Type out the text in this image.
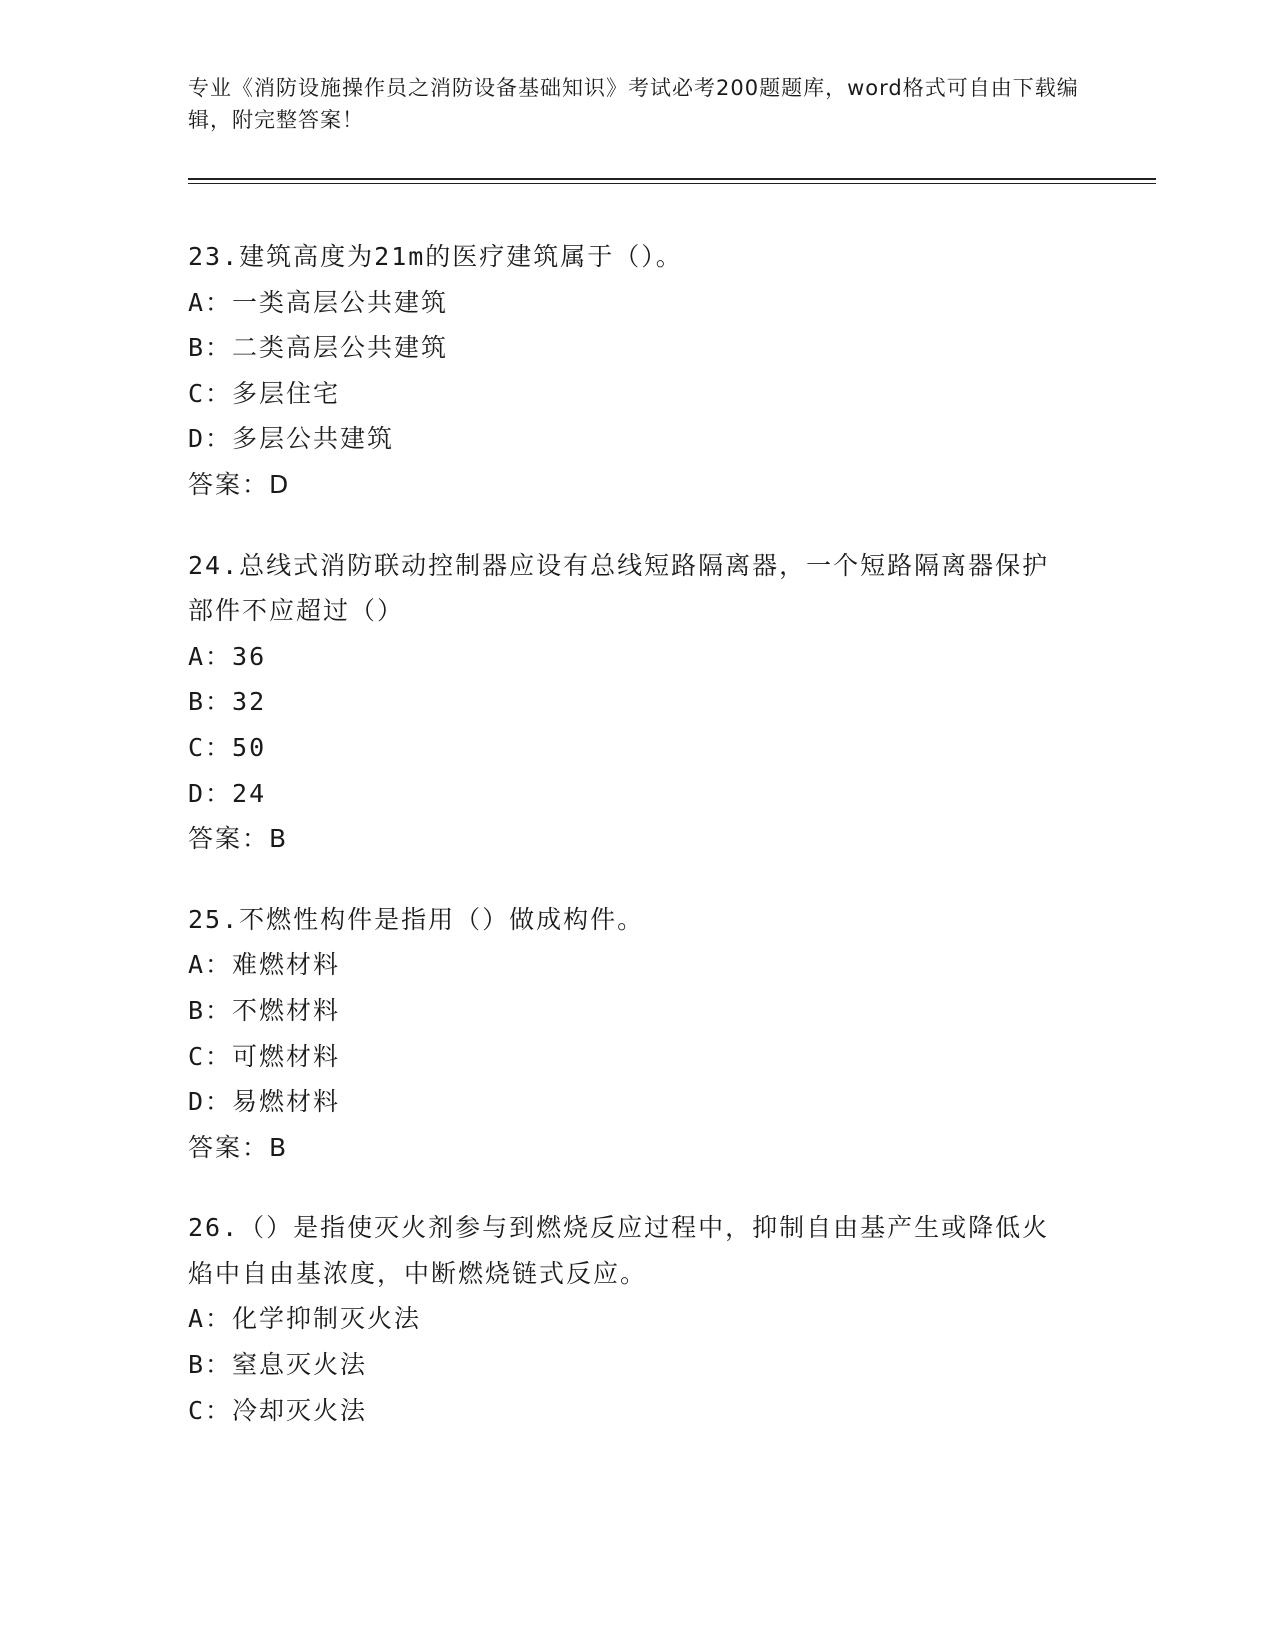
专业《消防设施操作员之消防设备基础知识》考试必考200题题库，word格式可自由下载编辑，附完整答案！
23.建筑高度为21m的医疗建筑属于（）。
A：一类高层公共建筑
B：二类高层公共建筑
C：多层住宅
D：多层公共建筑
答案：D
24.总线式消防联动控制器应设有总线短路隔离器，一个短路隔离器保护部件不应超过（）
A：36
B：32
C：50
D：24
答案：B
25.不燃性构件是指用（）做成构件。
A：难燃材料
B：不燃材料
C：可燃材料
D：易燃材料
答案：B
26.（）是指使灭火剂参与到燃烧反应过程中，抑制自由基产生或降低火焰中自由基浓度，中断燃烧链式反应。
A：化学抑制灭火法
B：窒息灭火法
C：冷却灭火法
